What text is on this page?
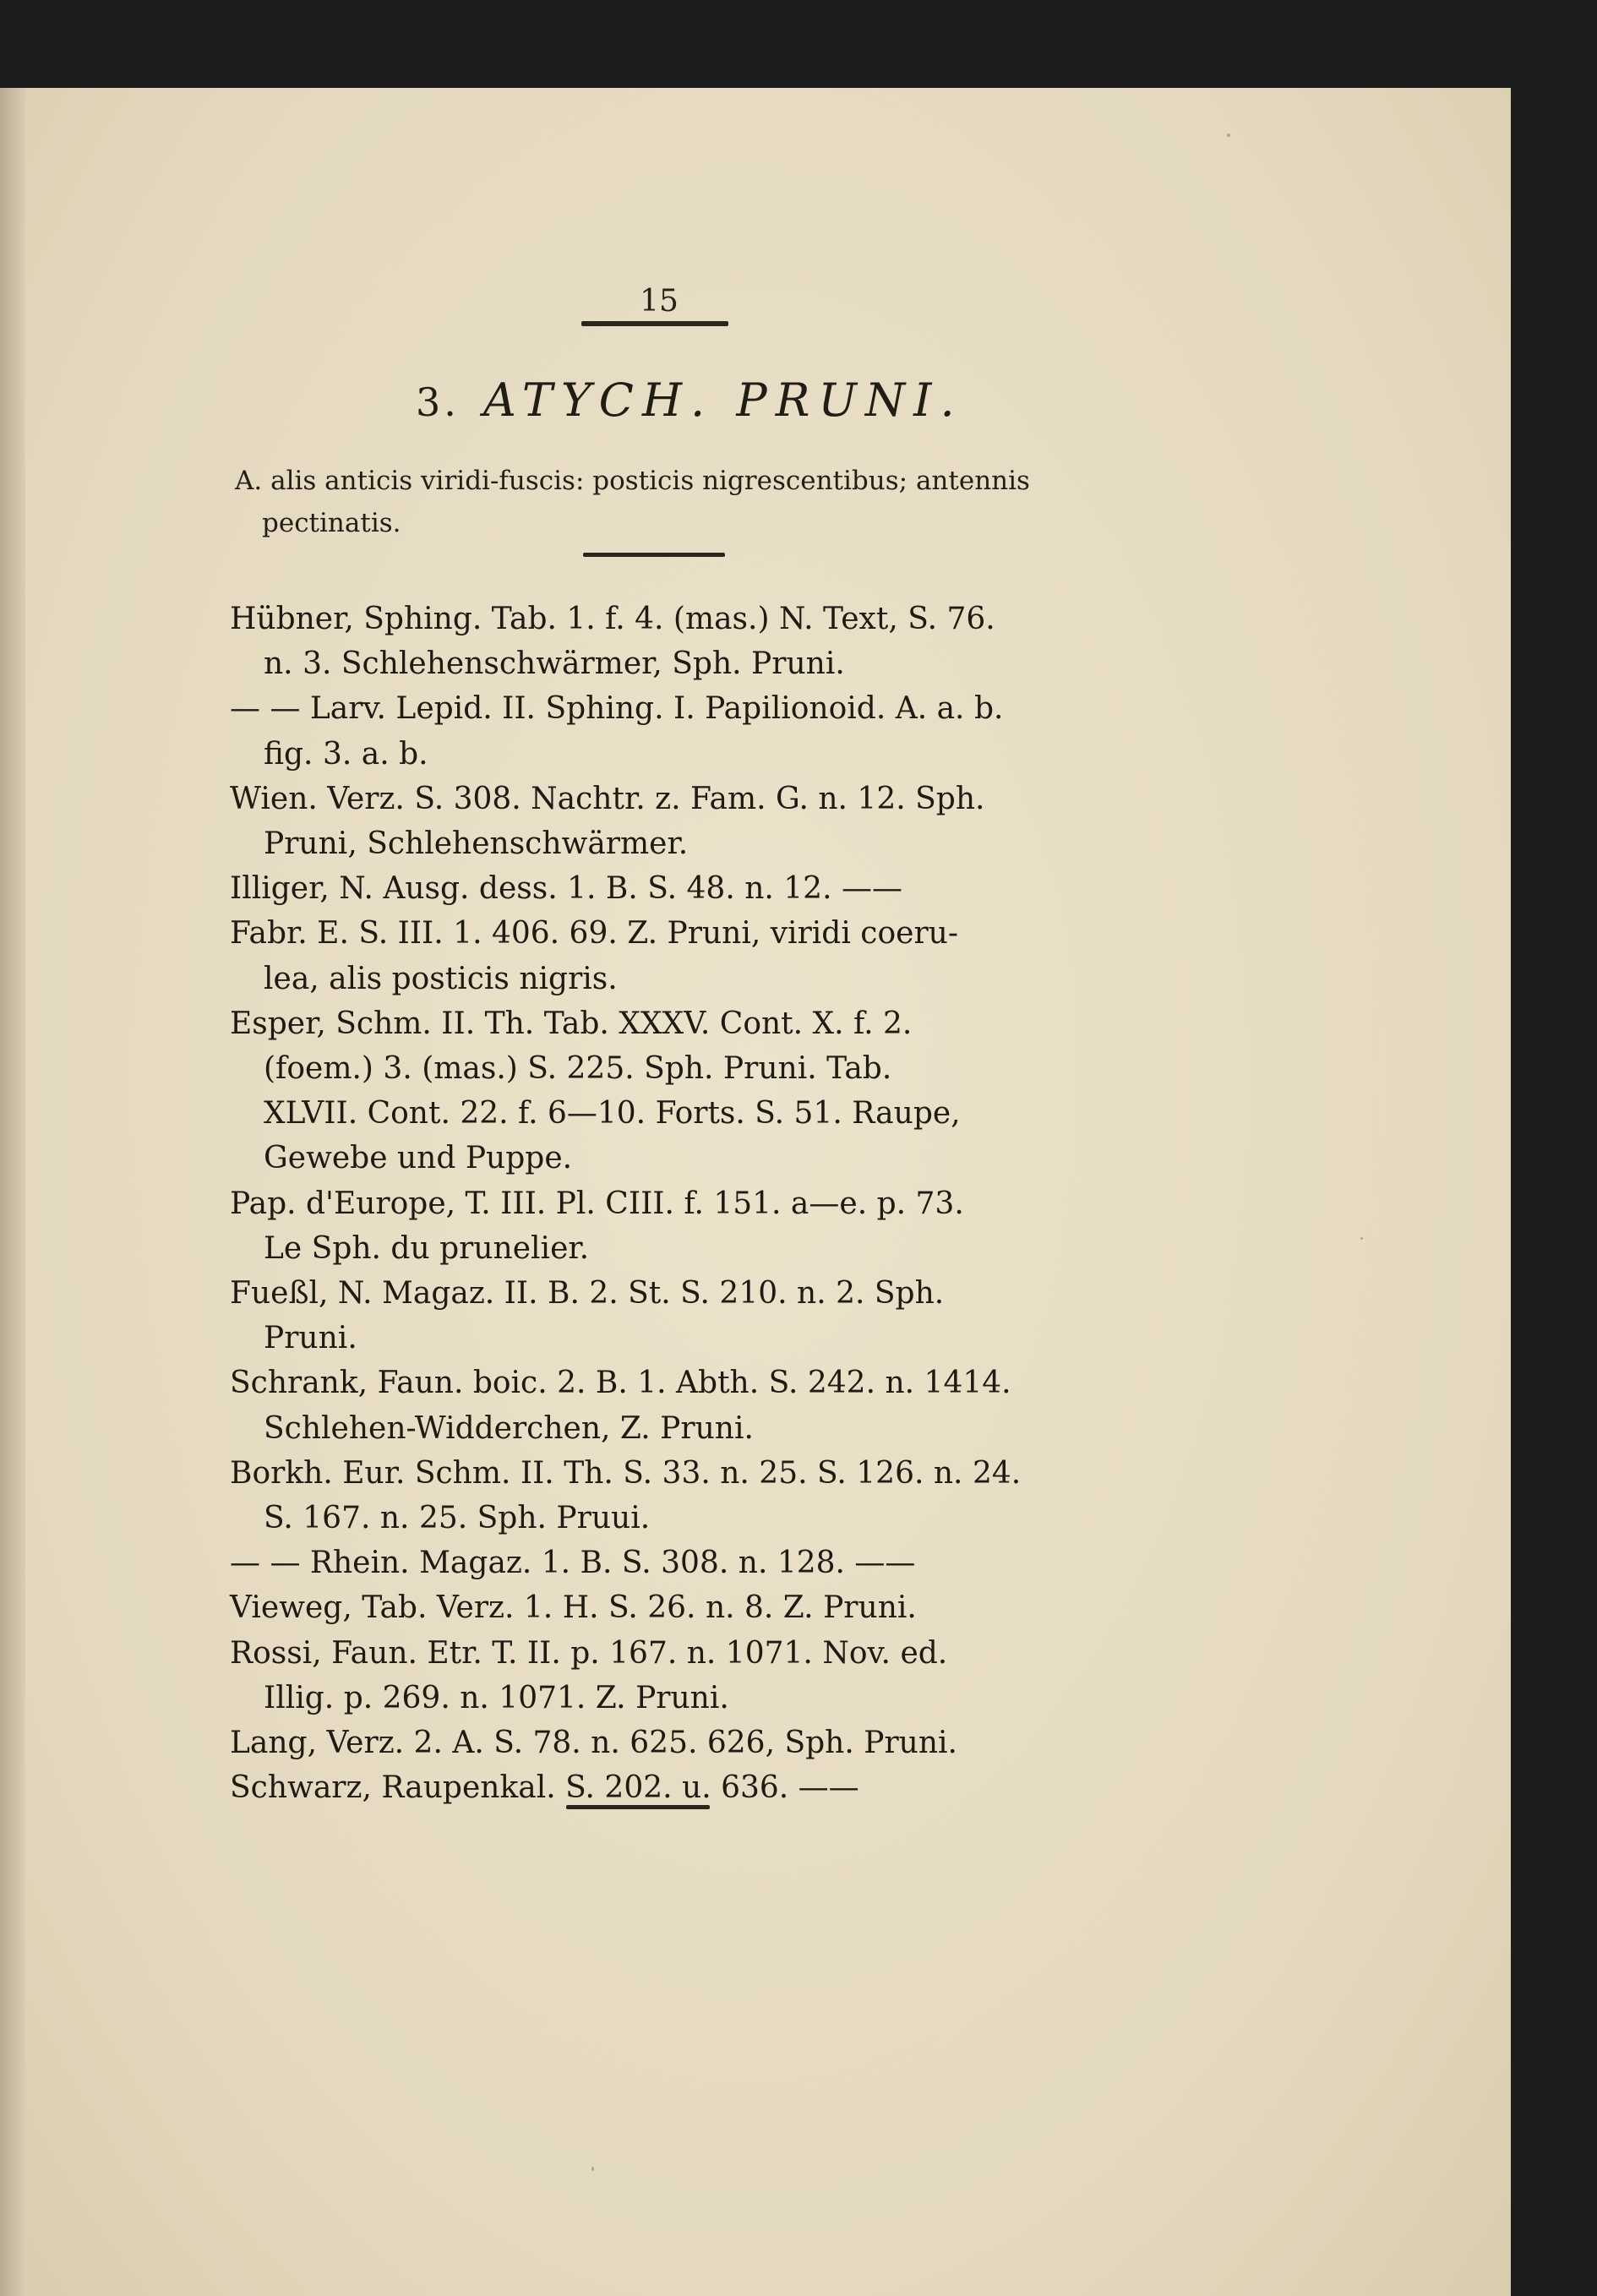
15
3. ATYCH. PRUNI.
A. alis anticis viridi-fuscis: posticis nigrescentibus; antennis
pectinatis.
Hübner, Sphing. Tab. 1. f. 4. (mas.) N. Text, S. 76.
n. 3. Schlehenschwärmer, Sph. Pruni.
— — Larv. Lepid. II. Sphing. I. Papilionoid. A. a. b.
fig. 3. a. b.
Wien. Verz. S. 308. Nachtr. z. Fam. G. n. 12. Sph.
Pruni, Schlehenschwärmer.
Illiger, N. Ausg. dess. 1. B. S. 48. n. 12. ——
Fabr. E. S. III. 1. 406. 69. Z. Pruni, viridi coeru-
lea, alis posticis nigris.
Esper, Schm. II. Th. Tab. XXXV. Cont. X. f. 2.
(foem.) 3. (mas.) S. 225. Sph. Pruni. Tab.
XLVII. Cont. 22. f. 6—10. Forts. S. 51. Raupe,
Gewebe und Puppe.
Pap. d'Europe, T. III. Pl. CIII. f. 151. a—e. p. 73.
Le Sph. du prunelier.
Fueßl, N. Magaz. II. B. 2. St. S. 210. n. 2. Sph.
Pruni.
Schrank, Faun. boic. 2. B. 1. Abth. S. 242. n. 1414.
Schlehen-Widderchen, Z. Pruni.
Borkh. Eur. Schm. II. Th. S. 33. n. 25. S. 126. n. 24.
S. 167. n. 25. Sph. Pruui.
— — Rhein. Magaz. 1. B. S. 308. n. 128. ——
Vieweg, Tab. Verz. 1. H. S. 26. n. 8. Z. Pruni.
Rossi, Faun. Etr. T. II. p. 167. n. 1071. Nov. ed.
Illig. p. 269. n. 1071. Z. Pruni.
Lang, Verz. 2. A. S. 78. n. 625. 626, Sph. Pruni.
Schwarz, Raupenkal. S. 202. u. 636. ——
